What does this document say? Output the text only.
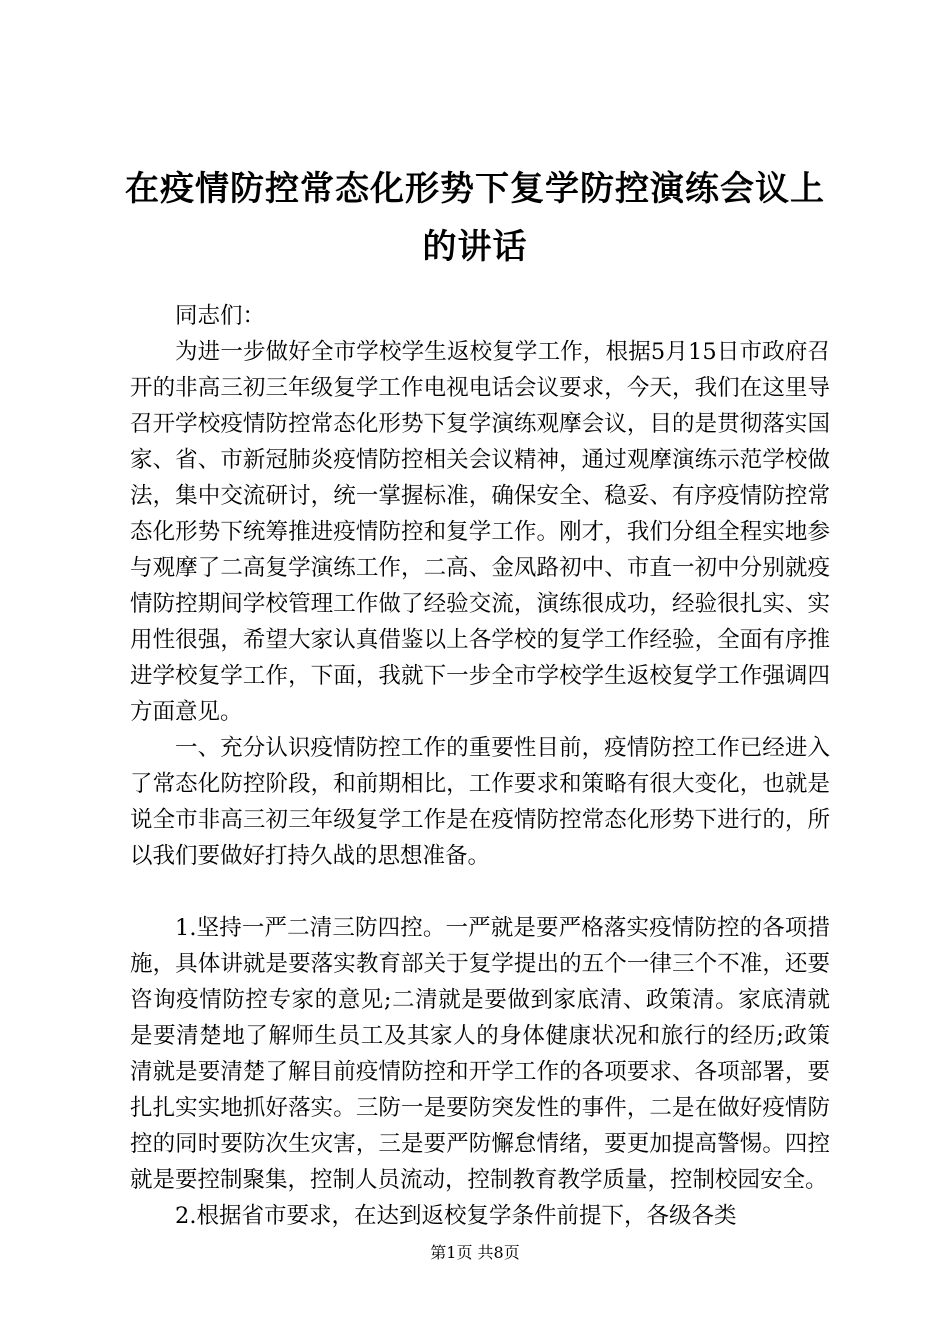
在疫情防控常态化形势下复学防控演练会议上的讲话

同志们：

为进一步做好全市学校学生返校复学工作，根据5月15日市政府召开的非高三初三年级复学工作电视电话会议要求，今天，我们在这里导召开学校疫情防控常态化形势下复学演练观摩会议，目的是贯彻落实国家、省、市新冠肺炎疫情防控相关会议精神，通过观摩演练示范学校做法，集中交流研讨，统一掌握标准，确保安全、稳妥、有序疫情防控常态化形势下统筹推进疫情防控和复学工作。刚才，我们分组全程实地参与观摩了二高复学演练工作，二高、金凤路初中、市直一初中分别就疫情防控期间学校管理工作做了经验交流，演练很成功，经验很扎实、实用性很强，希望大家认真借鉴以上各学校的复学工作经验，全面有序推进学校复学工作，下面，我就下一步全市学校学生返校复学工作强调四方面意见。

一、充分认识疫情防控工作的重要性目前，疫情防控工作已经进入了常态化防控阶段，和前期相比，工作要求和策略有很大变化，也就是说全市非高三初三年级复学工作是在疫情防控常态化形势下进行的，所以我们要做好打持久战的思想准备。

1.坚持一严二清三防四控。一严就是要严格落实疫情防控的各项措施，具体讲就是要落实教育部关于复学提出的五个一律三个不准，还要咨询疫情防控专家的意见;二清就是要做到家底清、政策清。家底清就是要清楚地了解师生员工及其家人的身体健康状况和旅行的经历;政策清就是要清楚了解目前疫情防控和开学工作的各项要求、各项部署，要扎扎实实地抓好落实。三防一是要防突发性的事件，二是在做好疫情防控的同时要防次生灾害，三是要严防懈怠情绪，要更加提高警惕。四控就是要控制聚集，控制人员流动，控制教育教学质量，控制校园安全。

2.根据省市要求，在达到返校复学条件前提下，各级各类

第1页 共8页
